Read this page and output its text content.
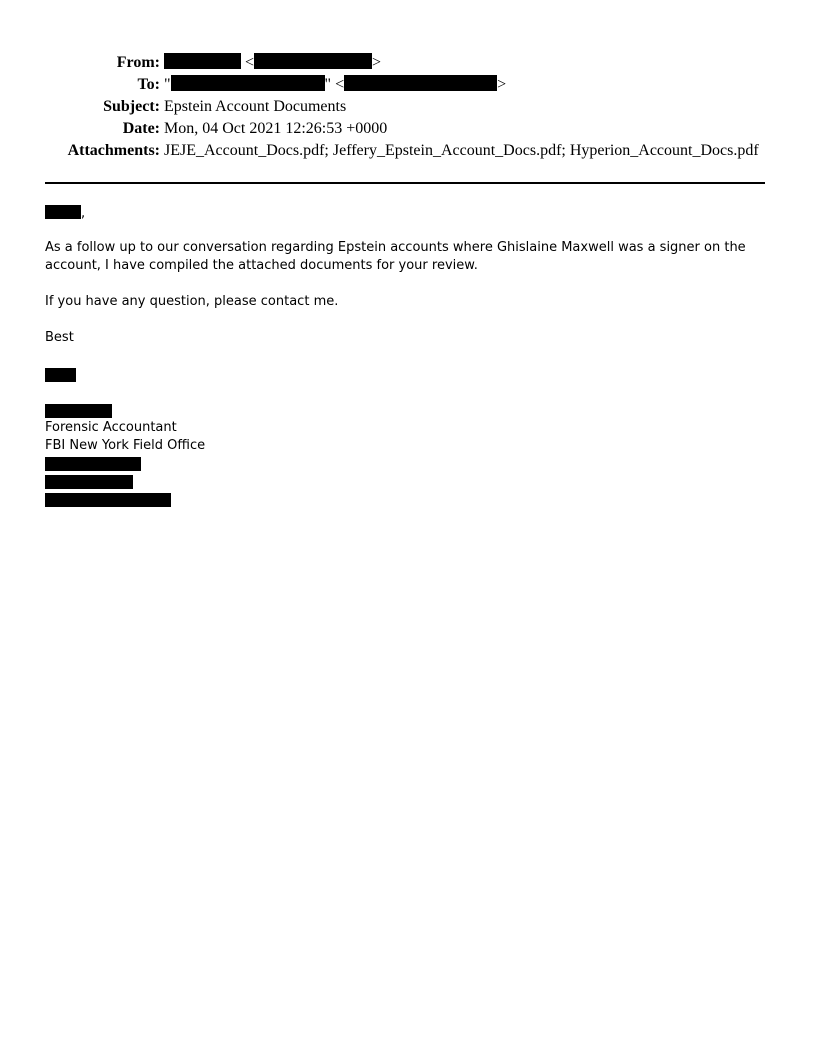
From:	<	>
To: "	" <	>
Subject: Epstein Account Documents
Date: Mon, 04 Oct 2021 12:26:53 +0000
Attachments: JEJE_Account_Docs.pdf; Jeffery_Epstein_Account_Docs.pdf; Hyperion_Account_Docs.pdf
,

As a follow up to our conversation regarding Epstein accounts where Ghislaine Maxwell was a signer on the account, I have compiled the attached documents for your review.

If you have any question, please contact me.

Best

Forensic Accountant
FBI New York Field Office
